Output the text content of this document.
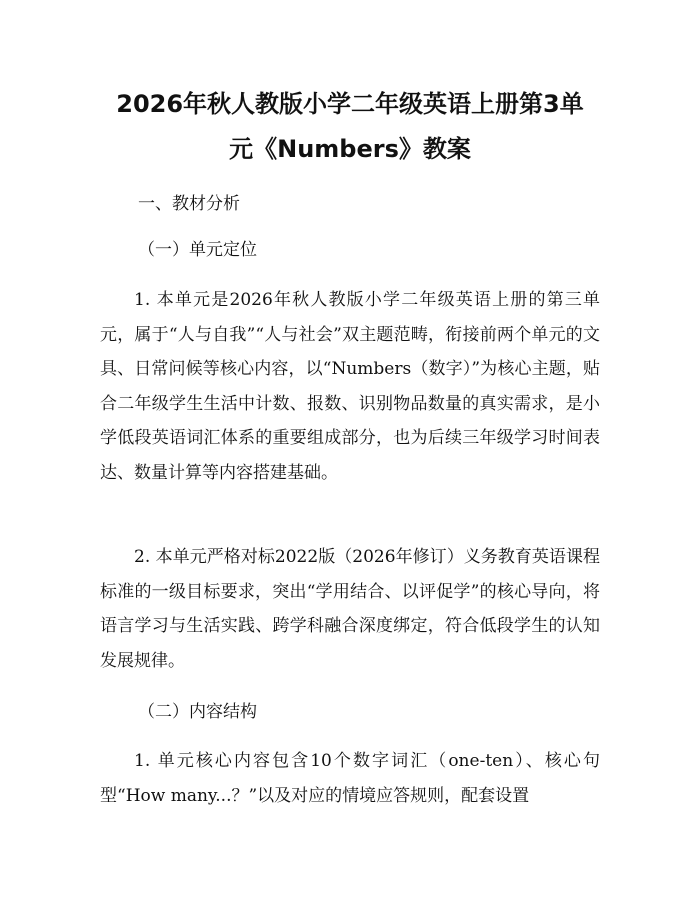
2026年秋人教版小学二年级英语上册第3单
元《Numbers》教案

一、教材分析

（一）单元定位

1. 本单元是2026年秋人教版小学二年级英语上册的第三单元，属于“人与自我”“人与社会”双主题范畴，衔接前两个单元的文具、日常问候等核心内容，以“Numbers（数字）”为核心主题，贴合二年级学生生活中计数、报数、识别物品数量的真实需求，是小学低段英语词汇体系的重要组成部分，也为后续三年级学习时间表达、数量计算等内容搭建基础。

2. 本单元严格对标2022版（2026年修订）义务教育英语课程标准的一级目标要求，突出“学用结合、以评促学”的核心导向，将语言学习与生活实践、跨学科融合深度绑定，符合低段学生的认知发展规律。

（二）内容结构

1. 单元核心内容包含10个数字词汇（one-ten）、核心句型“How many...？”以及对应的情境应答规则，配套设置
